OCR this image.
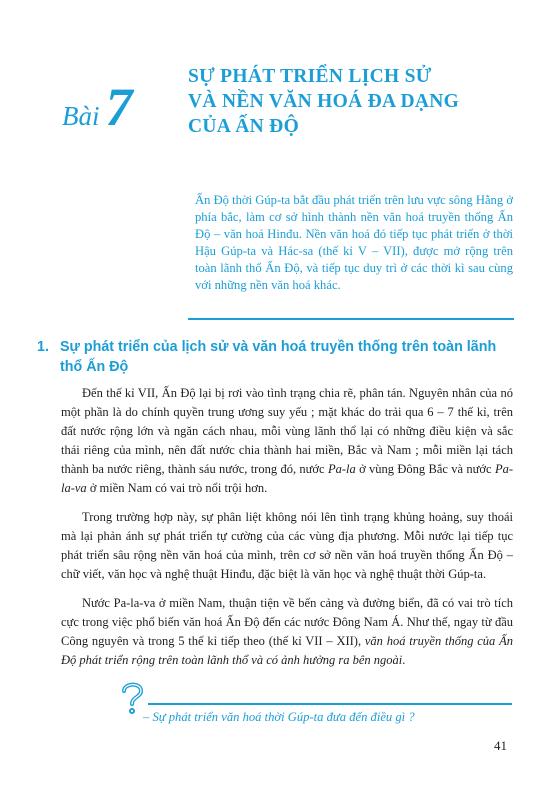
Bài 7
SỰ PHÁT TRIỂN LỊCH SỬ
VÀ NỀN VĂN HOÁ ĐA DẠNG
CỦA ẤN ĐỘ
Ấn Độ thời Gúp-ta bắt đầu phát triển trên lưu vực sông Hằng ở phía bắc, làm cơ sở hình thành nền văn hoá truyền thống Ấn Độ – văn hoá Hinđu. Nền văn hoá đó tiếp tục phát triển ở thời Hậu Gúp-ta và Hác-sa (thế kỉ V – VII), được mở rộng trên toàn lãnh thổ Ấn Độ, và tiếp tục duy trì ở các thời kì sau cùng với những nền văn hoá khác.
1. Sự phát triển của lịch sử và văn hoá truyền thống trên toàn lãnh thổ Ấn Độ

Đến thế kỉ VII, Ấn Độ lại bị rơi vào tình trạng chia rẽ, phân tán. Nguyên nhân của nó một phần là do chính quyền trung ương suy yếu ; mặt khác do trải qua 6 – 7 thế kỉ, trên đất nước rộng lớn và ngăn cách nhau, mỗi vùng lãnh thổ lại có những điều kiện và sắc thái riêng của mình, nên đất nước chia thành hai miền, Bắc và Nam ; mỗi miền lại tách thành ba nước riêng, thành sáu nước, trong đó, nước Pa-la ở vùng Đông Bắc và nước Pa-la-va ở miền Nam có vai trò nổi trội hơn.

Trong trường hợp này, sự phân liệt không nói lên tình trạng khủng hoảng, suy thoái mà lại phản ánh sự phát triển tự cường của các vùng địa phương. Mỗi nước lại tiếp tục phát triển sâu rộng nền văn hoá của mình, trên cơ sở nền văn hoá truyền thống Ấn Độ – chữ viết, văn học và nghệ thuật Hinđu, đặc biệt là văn học và nghệ thuật thời Gúp-ta.

Nước Pa-la-va ở miền Nam, thuận tiện về bến cảng và đường biển, đã có vai trò tích cực trong việc phổ biến văn hoá Ấn Độ đến các nước Đông Nam Á. Như thế, ngay từ đầu Công nguyên và trong 5 thế kỉ tiếp theo (thế kỉ VII – XII), văn hoá truyền thống của Ấn Độ phát triển rộng trên toàn lãnh thổ và có ảnh hưởng ra bên ngoài.

– Sự phát triển văn hoá thời Gúp-ta đưa đến điều gì ?
41
